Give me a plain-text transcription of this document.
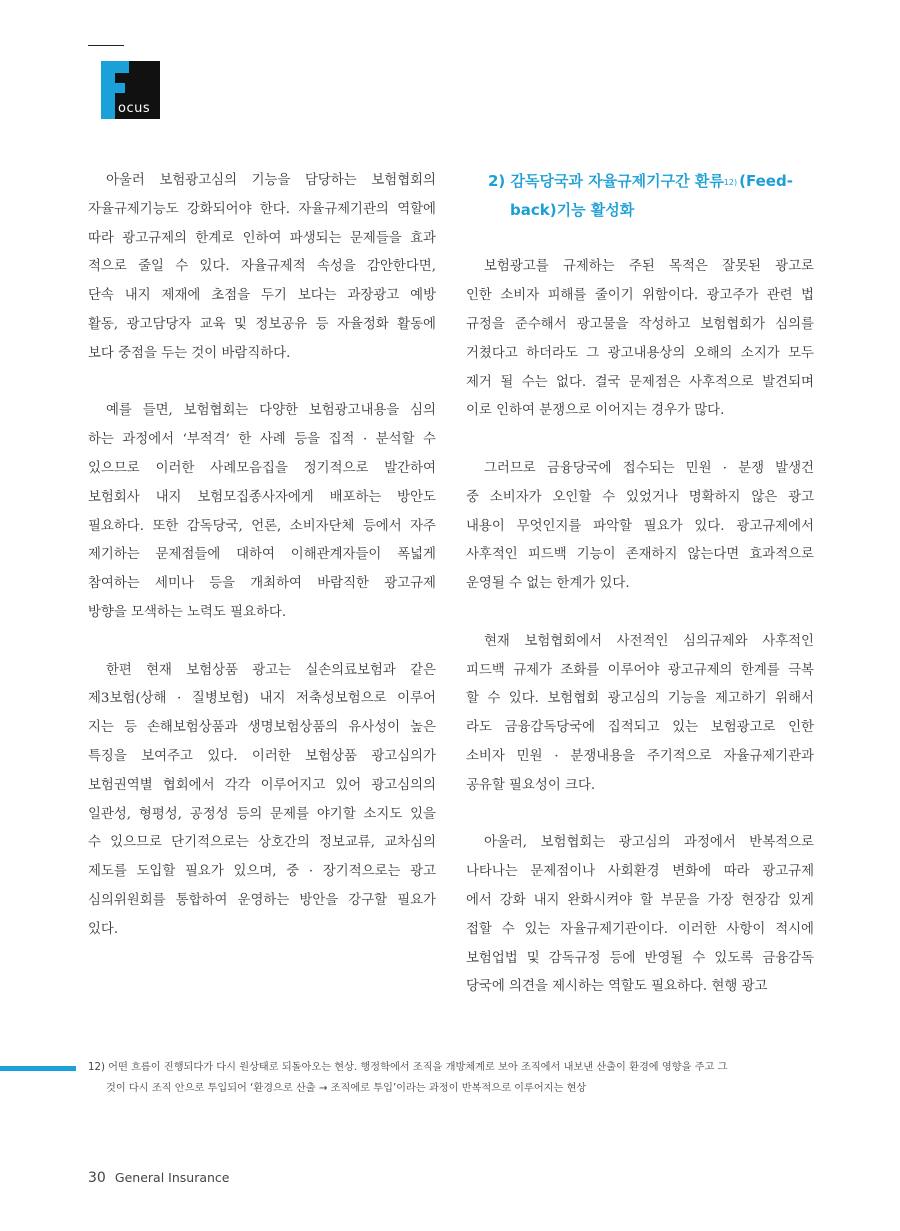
ocus
아울러 보험광고심의 기능을 담당하는 보험협회의
자율규제기능도 강화되어야 한다. 자율규제기관의 역할에
따라 광고규제의 한계로 인하여 파생되는 문제들을 효과
적으로 줄일 수 있다. 자율규제적 속성을 감안한다면,
단속 내지 제재에 초점을 두기 보다는 과장광고 예방
활동, 광고담당자 교육 및 정보공유 등 자율정화 활동에
보다 중점을 두는 것이 바람직하다.
예를 들면, 보험협회는 다양한 보험광고내용을 심의
하는 과정에서 ‘부적격’ 한 사례 등을 집적 · 분석할 수
있으므로 이러한 사례모음집을 정기적으로 발간하여
보험회사 내지 보험모집종사자에게 배포하는 방안도
필요하다. 또한 감독당국, 언론, 소비자단체 등에서 자주
제기하는 문제점들에 대하여 이해관계자들이 폭넓게
참여하는 세미나 등을 개최하여 바람직한 광고규제
방향을 모색하는 노력도 필요하다.
한편 현재 보험상품 광고는 실손의료보험과 같은
제3보험(상해 · 질병보험) 내지 저축성보험으로 이루어
지는 등 손해보험상품과 생명보험상품의 유사성이 높은
특징을 보여주고 있다. 이러한 보험상품 광고심의가
보험권역별 협회에서 각각 이루어지고 있어 광고심의의
일관성, 형평성, 공정성 등의 문제를 야기할 소지도 있을
수 있으므로 단기적으로는 상호간의 정보교류, 교차심의
제도를 도입할 필요가 있으며, 중 · 장기적으로는 광고
심의위원회를 통합하여 운영하는 방안을 강구할 필요가
있다.
2) 감독당국과 자율규제기구간 환류$^{12)}$ (Feed-
back)기능 활성화
보험광고를 규제하는 주된 목적은 잘못된 광고로
인한 소비자 피해를 줄이기 위함이다. 광고주가 관련 법
규정을 준수해서 광고물을 작성하고 보험협회가 심의를
거쳤다고 하더라도 그 광고내용상의 오해의 소지가 모두
제거 될 수는 없다. 결국 문제점은 사후적으로 발견되며
이로 인하여 분쟁으로 이어지는 경우가 많다.
그러므로 금융당국에 접수되는 민원 · 분쟁 발생건
중 소비자가 오인할 수 있었거나 명확하지 않은 광고
내용이 무엇인지를 파악할 필요가 있다. 광고규제에서
사후적인 피드백 기능이 존재하지 않는다면 효과적으로
운영될 수 없는 한계가 있다.
현재 보험협회에서 사전적인 심의규제와 사후적인
피드백 규제가 조화를 이루어야 광고규제의 한계를 극복
할 수 있다. 보험협회 광고심의 기능을 제고하기 위해서
라도 금융감독당국에 집적되고 있는 보험광고로 인한
소비자 민원 · 분쟁내용을 주기적으로 자율규제기관과
공유할 필요성이 크다.
아울러, 보험협회는 광고심의 과정에서 반복적으로
나타나는 문제점이나 사회환경 변화에 따라 광고규제
에서 강화 내지 완화시켜야 할 부문을 가장 현장감 있게
접할 수 있는 자율규제기관이다. 이러한 사항이 적시에
보험업법 및 감독규정 등에 반영될 수 있도록 금융감독
당국에 의견을 제시하는 역할도 필요하다. 현행 광고
12) 어떤 흐름이 진행되다가 다시 원상태로 되돌아오는 현상. 행정학에서 조직을 개방체계로 보아 조직에서 내보낸 산출이 환경에 영향을 주고 그
것이 다시 조직 안으로 투입되어 ‘환경으로 산출 → 조직에로 투입’이라는 과정이 반복적으로 이루어지는 현상
30 General Insurance
